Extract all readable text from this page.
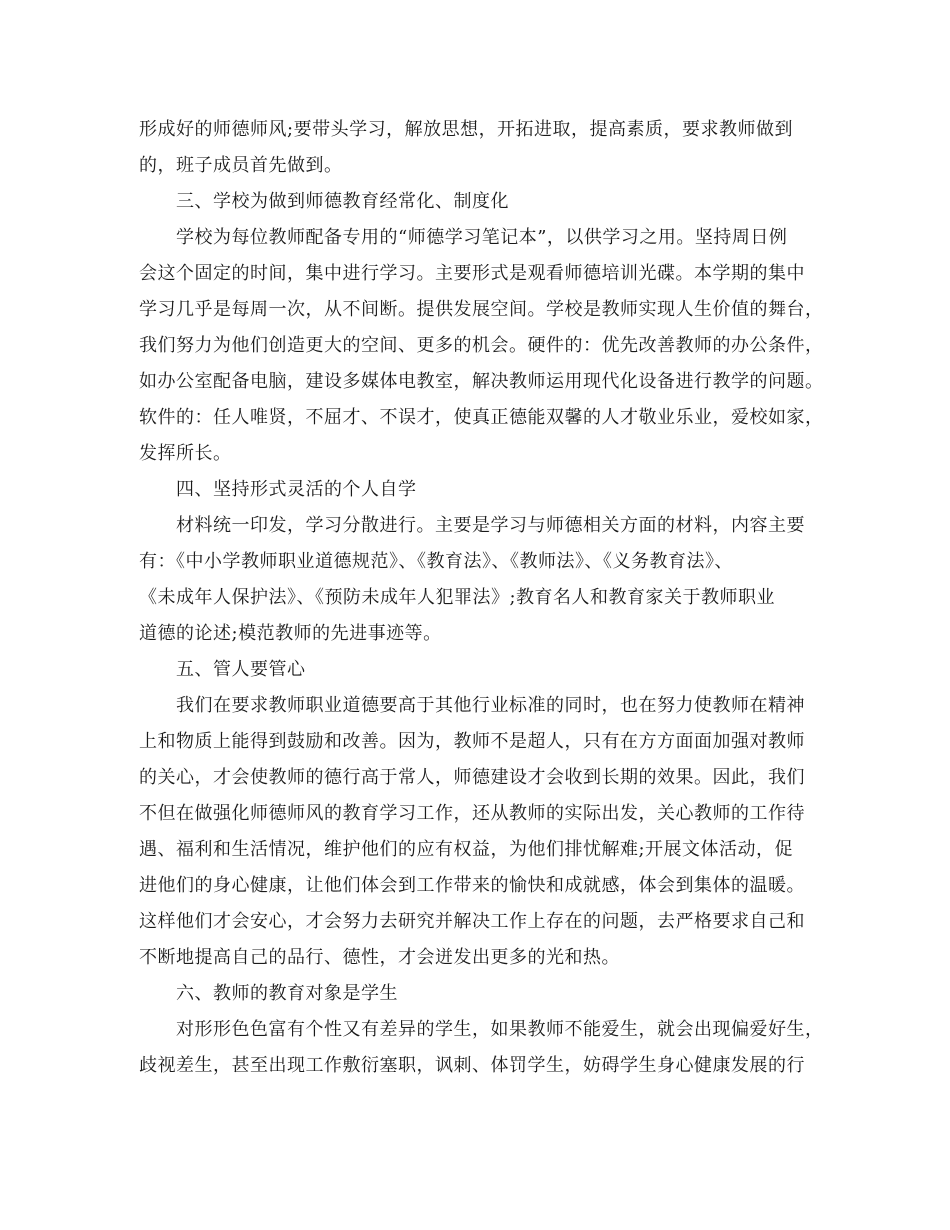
形成好的师德师风;要带头学习，解放思想，开拓进取，提高素质，要求教师做到

的，班子成员首先做到。

三、学校为做到师德教育经常化、制度化

学校为每位教师配备专用的“师德学习笔记本”，以供学习之用。坚持周日例

会这个固定的时间，集中进行学习。主要形式是观看师德培训光碟。本学期的集中

学习几乎是每周一次，从不间断。提供发展空间。学校是教师实现人生价值的舞台，

我们努力为他们创造更大的空间、更多的机会。硬件的：优先改善教师的办公条件，

如办公室配备电脑，建设多媒体电教室，解决教师运用现代化设备进行教学的问题。

软件的：任人唯贤，不屈才、不误才，使真正德能双馨的人才敬业乐业，爱校如家，

发挥所长。

四、坚持形式灵活的个人自学

材料统一印发，学习分散进行。主要是学习与师德相关方面的材料，内容主要

有：《中小学教师职业道德规范》、《教育法》、《教师法》、《义务教育法》、

《未成年人保护法》、《预防未成年人犯罪法》;教育名人和教育家关于教师职业

道德的论述;模范教师的先进事迹等。

五、管人要管心

我们在要求教师职业道德要高于其他行业标准的同时，也在努力使教师在精神

上和物质上能得到鼓励和改善。因为，教师不是超人，只有在方方面面加强对教师

的关心，才会使教师的德行高于常人，师德建设才会收到长期的效果。因此，我们

不但在做强化师德师风的教育学习工作，还从教师的实际出发，关心教师的工作待

遇、福利和生活情况，维护他们的应有权益，为他们排忧解难;开展文体活动，促

进他们的身心健康，让他们体会到工作带来的愉快和成就感，体会到集体的温暖。

这样他们才会安心，才会努力去研究并解决工作上存在的问题，去严格要求自己和

不断地提高自己的品行、德性，才会迸发出更多的光和热。

六、教师的教育对象是学生

对形形色色富有个性又有差异的学生，如果教师不能爱生，就会出现偏爱好生，

歧视差生，甚至出现工作敷衍塞职，讽刺、体罚学生，妨碍学生身心健康发展的行
